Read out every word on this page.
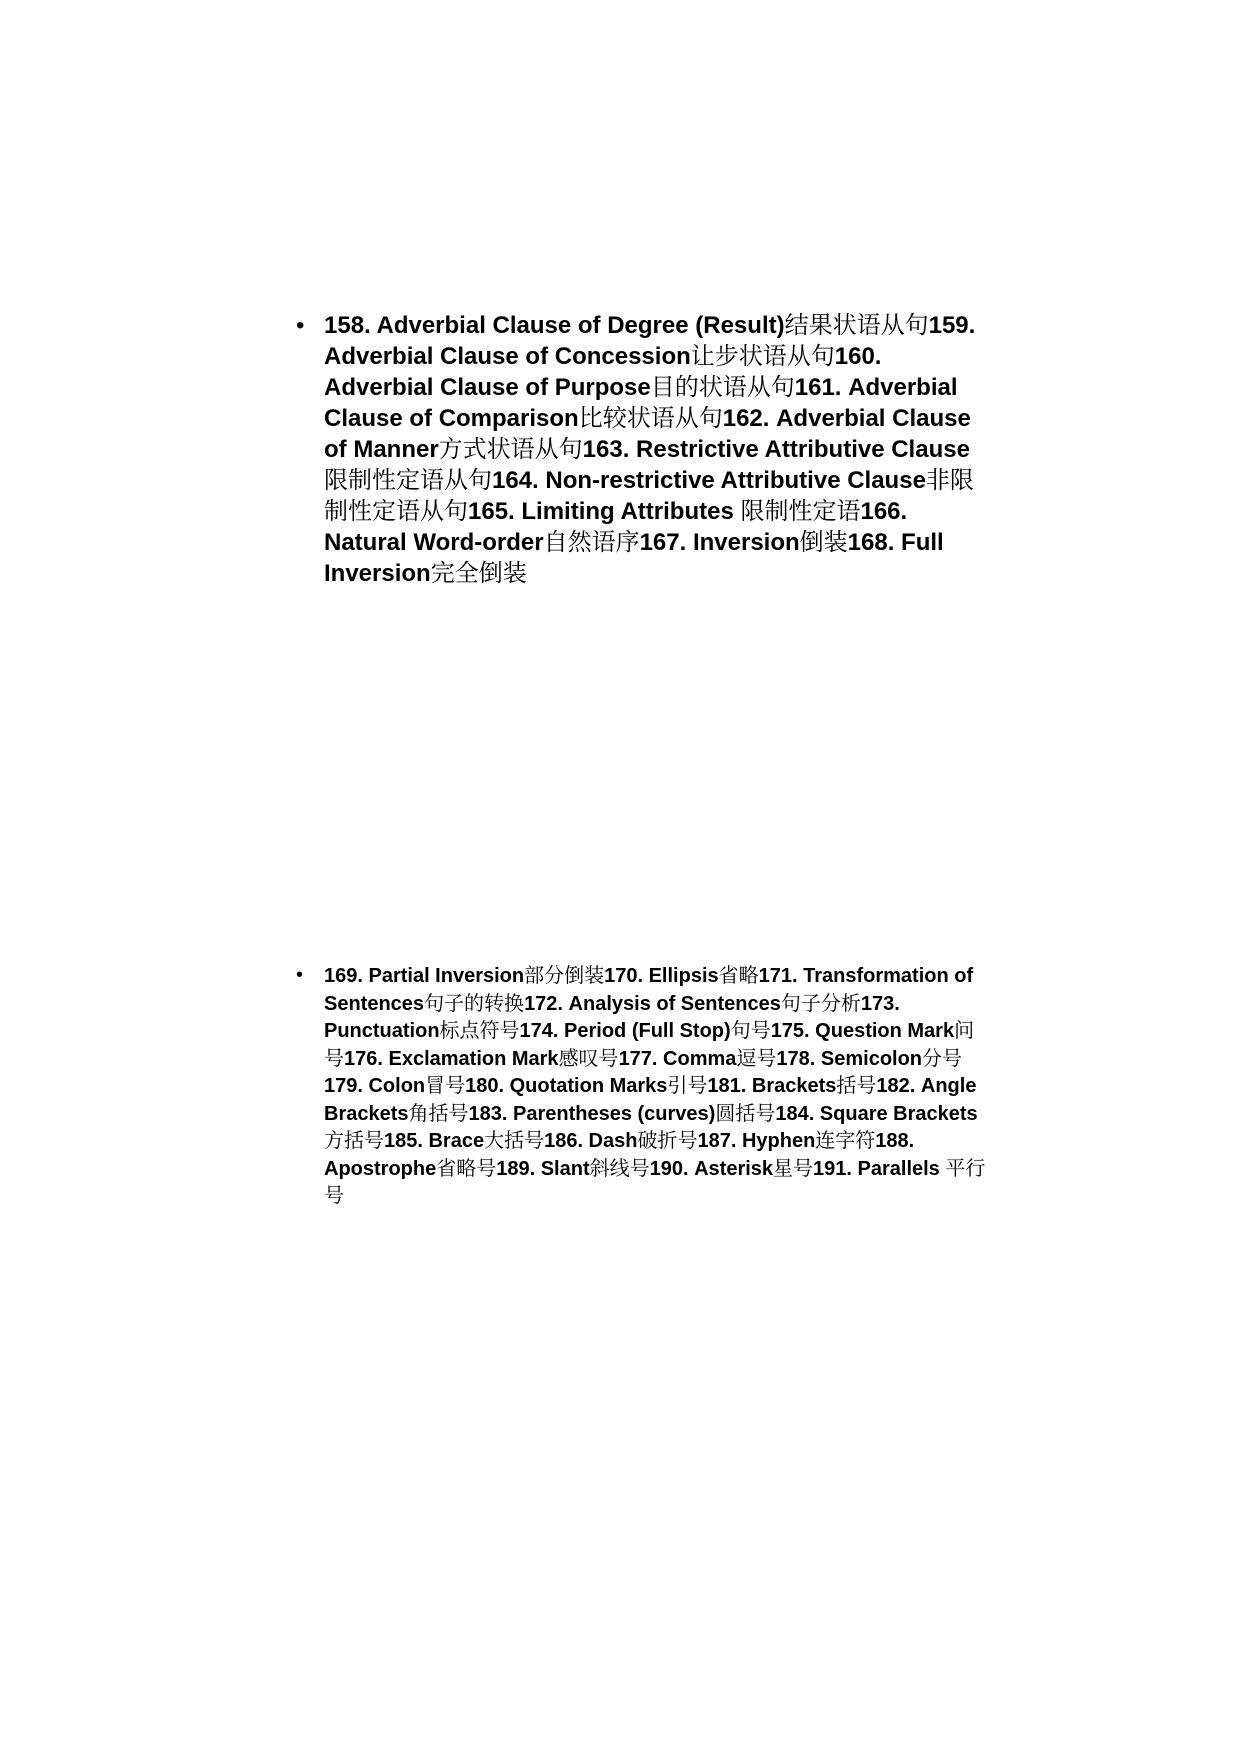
• 158. Adverbial Clause of Degree (Result)结果状语从句159. Adverbial Clause of Concession让步状语从句160. Adverbial Clause of Purpose目的状语从句161. Adverbial Clause of Comparison比较状语从句162. Adverbial Clause of Manner方式状语从句163. Restrictive Attributive Clause限制性定语从句164. Non-restrictive Attributive Clause非限制性定语从句165. Limiting Attributes 限制性定语166. Natural Word-order自然语序167. Inversion倒装168. Full Inversion完全倒装
• 169. Partial Inversion部分倒装170. Ellipsis省略171. Transformation of Sentences句子的转换172. Analysis of Sentences句子分析173. Punctuation标点符号174. Period (Full Stop)句号175. Question Mark问号176. Exclamation Mark感叹号177. Comma逗号178. Semicolon分号179. Colon冒号180. Quotation Marks引号181. Brackets括号182. Angle Brackets角括号183. Parentheses (curves)圆括号184. Square Brackets方括号185. Brace大括号186. Dash破折号187. Hyphen连字符188. Apostrophe省略号189. Slant斜线号190. Asterisk星号191. Parallels 平行号
